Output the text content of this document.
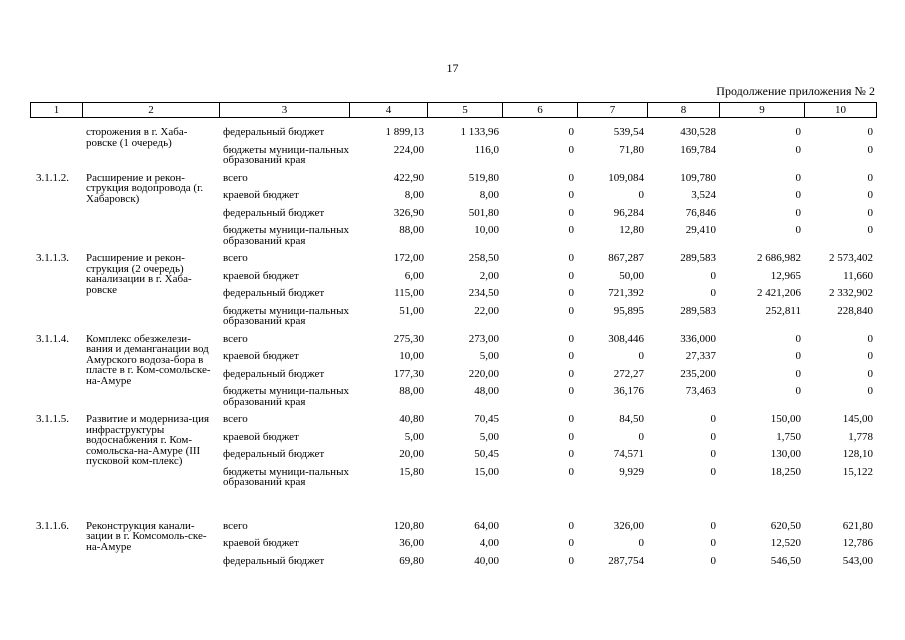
17
Продолжение приложения № 2
1	2	3	4	5	6	7	8	9	10
	сторожения в г. Хаба-ровске (1 очередь)	федеральный бюджет	1 899,13	1 133,96	0	539,54	430,528	0	0
		бюджеты муници-пальных образований края	224,00	116,0	0	71,80	169,784	0	0
3.1.1.2.	Расширение и рекон-струкция водопровода (г. Хабаровск)	всего	422,90	519,80	0	109,084	109,780	0	0
		краевой бюджет	8,00	8,00	0	0	3,524	0	0
		федеральный бюджет	326,90	501,80	0	96,284	76,846	0	0
		бюджеты муници-пальных образований края	88,00	10,00	0	12,80	29,410	0	0
3.1.1.3.	Расширение и рекон-струкция (2 очередь) канализации в г. Хаба-ровске	всего	172,00	258,50	0	867,287	289,583	2 686,982	2 573,402
		краевой бюджет	6,00	2,00	0	50,00	0	12,965	11,660
		федеральный бюджет	115,00	234,50	0	721,392	0	2 421,206	2 332,902
		бюджеты муници-пальных образований края	51,00	22,00	0	95,895	289,583	252,811	228,840
3.1.1.4.	Комплекс обезжелези-вания и деманганации вод Амурского водоза-бора в пласте в г. Ком-сомольске-на-Амуре	всего	275,30	273,00	0	308,446	336,000	0	0
		краевой бюджет	10,00	5,00	0	0	27,337	0	0
		федеральный бюджет	177,30	220,00	0	272,27	235,200	0	0
		бюджеты муници-пальных образований края	88,00	48,00	0	36,176	73,463	0	0
3.1.1.5.	Развитие и модерниза-ция инфраструктуры водоснабжения г. Ком-сомольска-на-Амуре (III пусковой ком-плекс)	всего	40,80	70,45	0	84,50	0	150,00	145,00
		краевой бюджет	5,00	5,00	0	0	0	1,750	1,778
		федеральный бюджет	20,00	50,45	0	74,571	0	130,00	128,10
		бюджеты муници-пальных образований края	15,80	15,00	0	9,929	0	18,250	15,122

3.1.1.6.	Реконструкция канали-зации в г. Комсомоль-ске-на-Амуре	всего	120,80	64,00	0	326,00	0	620,50	621,80
		краевой бюджет	36,00	4,00	0	0	0	12,520	12,786
		федеральный бюджет	69,80	40,00	0	287,754	0	546,50	543,00
